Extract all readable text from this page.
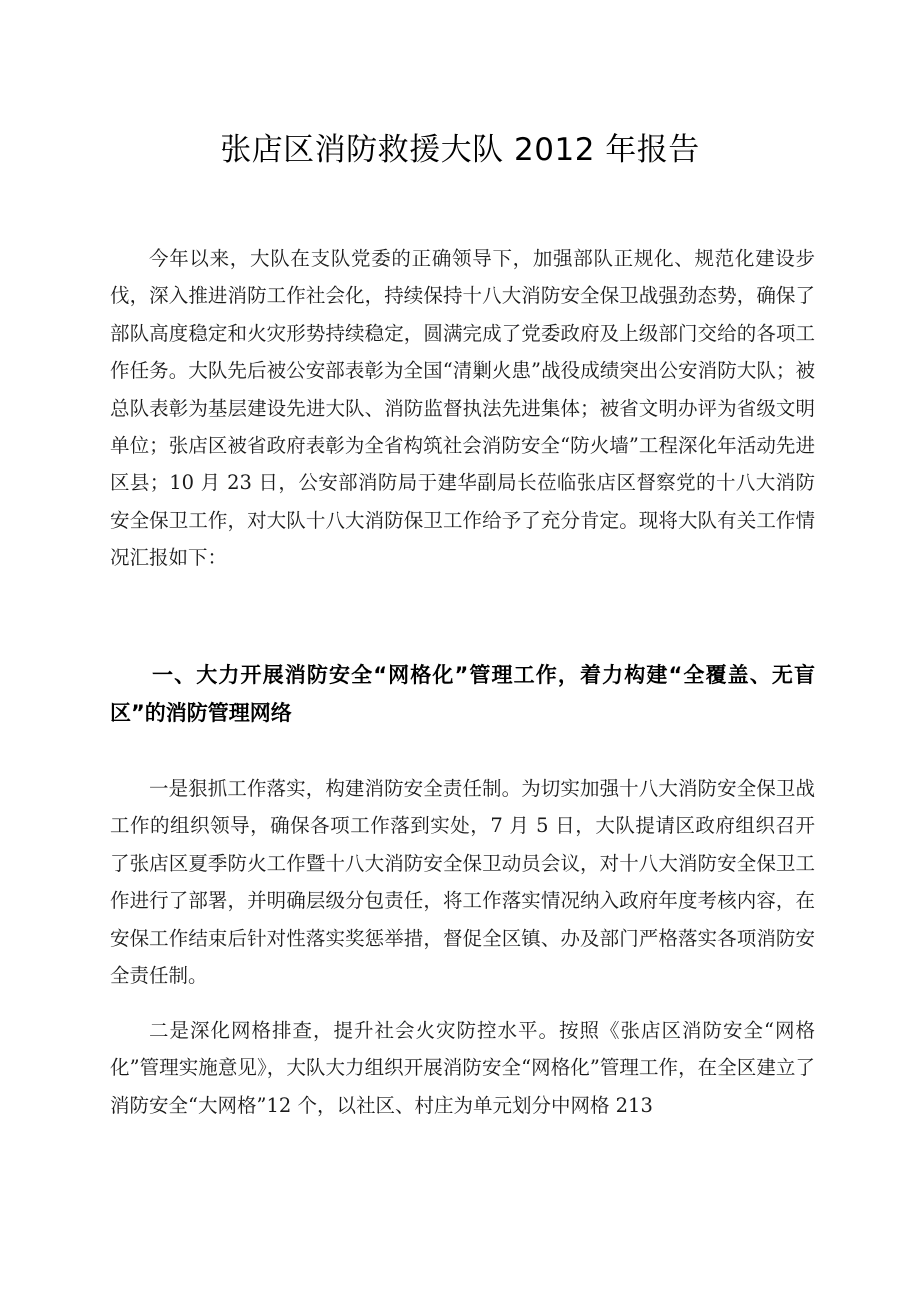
张店区消防救援大队 2012 年报告
今年以来，大队在支队党委的正确领导下，加强部队正规化、规范化建设步伐，深入推进消防工作社会化，持续保持十八大消防安全保卫战强劲态势，确保了部队高度稳定和火灾形势持续稳定，圆满完成了党委政府及上级部门交给的各项工作任务。大队先后被公安部表彰为全国“清剿火患”战役成绩突出公安消防大队；被总队表彰为基层建设先进大队、消防监督执法先进集体；被省文明办评为省级文明单位；张店区被省政府表彰为全省构筑社会消防安全“防火墙”工程深化年活动先进区县；10 月 23 日，公安部消防局于建华副局长莅临张店区督察党的十八大消防安全保卫工作，对大队十八大消防保卫工作给予了充分肯定。现将大队有关工作情况汇报如下：
一、大力开展消防安全“网格化”管理工作，着力构建“全覆盖、无盲区”的消防管理网络
一是狠抓工作落实，构建消防安全责任制。为切实加强十八大消防安全保卫战工作的组织领导，确保各项工作落到实处，7 月 5 日，大队提请区政府组织召开了张店区夏季防火工作暨十八大消防安全保卫动员会议，对十八大消防安全保卫工作进行了部署，并明确层级分包责任，将工作落实情况纳入政府年度考核内容，在安保工作结束后针对性落实奖惩举措，督促全区镇、办及部门严格落实各项消防安全责任制。
二是深化网格排查，提升社会火灾防控水平。按照《张店区消防安全“网格化”管理实施意见》，大队大力组织开展消防安全“网格化”管理工作，在全区建立了消防安全“大网格”12 个，以社区、村庄为单元划分中网格 213
